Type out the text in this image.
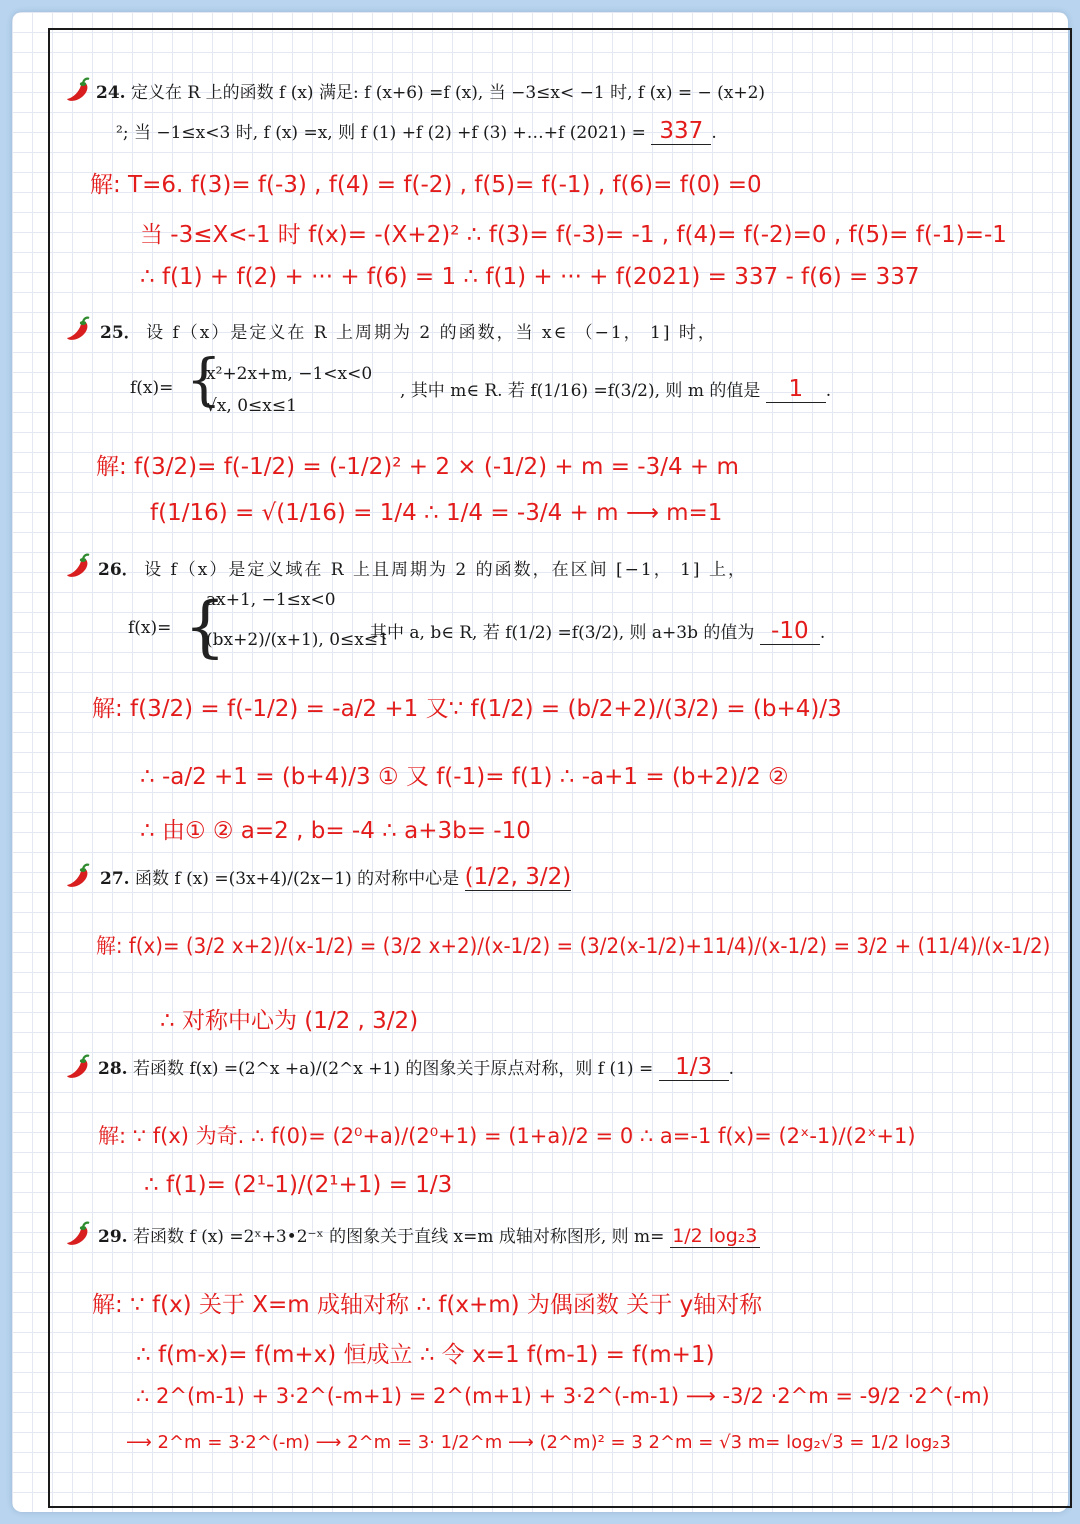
24. 定义在 R 上的函数 f (x) 满足: f (x+6) =f (x), 当 −3≤x< −1 时, f (x) = − (x+2)
²; 当 −1≤x<3 时, f (x) =x, 则 f (1) +f (2) +f (3) +…+f (2021) = 337 .
解: T=6. f(3)= f(-3) , f(4) = f(-2) , f(5)= f(-1) , f(6)= f(0) =0
当 -3≤X<-1 时 f(x)= -(X+2)² ∴ f(3)= f(-3)= -1 , f(4)= f(-2)=0 , f(5)= f(-1)=-1
∴ f(1) + f(2) + ··· + f(6) = 1 ∴ f(1) + ··· + f(2021) = 337 - f(6) = 337
25． 设 f（x）是定义在 R 上周期为 2 的函数，当 x∈ （−1， 1] 时，
f(x)= {
x²+2x+m, −1<x<0
√x, 0≤x≤1
, 其中 m∈ R. 若 f(1/16) =f(3/2), 则 m 的值是 1 .
解: f(3/2)= f(-1/2) = (-1/2)² + 2 × (-1/2) + m = -3/4 + m
f(1/16) = √(1/16) = 1/4 ∴ 1/4 = -3/4 + m ⟶ m=1
26． 设 f（x）是定义域在 R 上且周期为 2 的函数，在区间 [−1， 1] 上，
f(x)= {
ax+1, −1≤x<0
(bx+2)/(x+1), 0≤x≤1
其中 a, b∈ R, 若 f(1/2) =f(3/2), 则 a+3b 的值为 -10 .
解: f(3/2) = f(-1/2) = -a/2 +1 又∵ f(1/2) = (b/2+2)/(3/2) = (b+4)/3
∴ -a/2 +1 = (b+4)/3 ① 又 f(-1)= f(1) ∴ -a+1 = (b+2)/2 ②
∴ 由① ② a=2 , b= -4 ∴ a+3b= -10
27. 函数 f (x) =(3x+4)/(2x−1) 的对称中心是 (1/2, 3/2)
解: f(x)= (3/2 x+2)/(x-1/2) = (3/2 x+2)/(x-1/2) = (3/2(x-1/2)+11/4)/(x-1/2) = 3/2 + (11/4)/(x-1/2)
∴ 对称中心为 (1/2 , 3/2)
28. 若函数 f(x) =(2^x +a)/(2^x +1) 的图象关于原点对称，则 f (1) = 1/3 .
解: ∵ f(x) 为奇. ∴ f(0)= (2⁰+a)/(2⁰+1) = (1+a)/2 = 0 ∴ a=-1 f(x)= (2ˣ-1)/(2ˣ+1)
∴ f(1)= (2¹-1)/(2¹+1) = 1/3
29. 若函数 f (x) =2ˣ+3•2⁻ˣ 的图象关于直线 x=m 成轴对称图形, 则 m= 1/2 log₂3
解: ∵ f(x) 关于 X=m 成轴对称 ∴ f(x+m) 为偶函数 关于 y轴对称
∴ f(m-x)= f(m+x) 恒成立 ∴ 令 x=1 f(m-1) = f(m+1)
∴ 2^(m-1) + 3·2^(-m+1) = 2^(m+1) + 3·2^(-m-1) ⟶ -3/2 ·2^m = -9/2 ·2^(-m)
⟶ 2^m = 3·2^(-m) ⟶ 2^m = 3· 1/2^m ⟶ (2^m)² = 3 2^m = √3 m= log₂√3 = 1/2 log₂3
